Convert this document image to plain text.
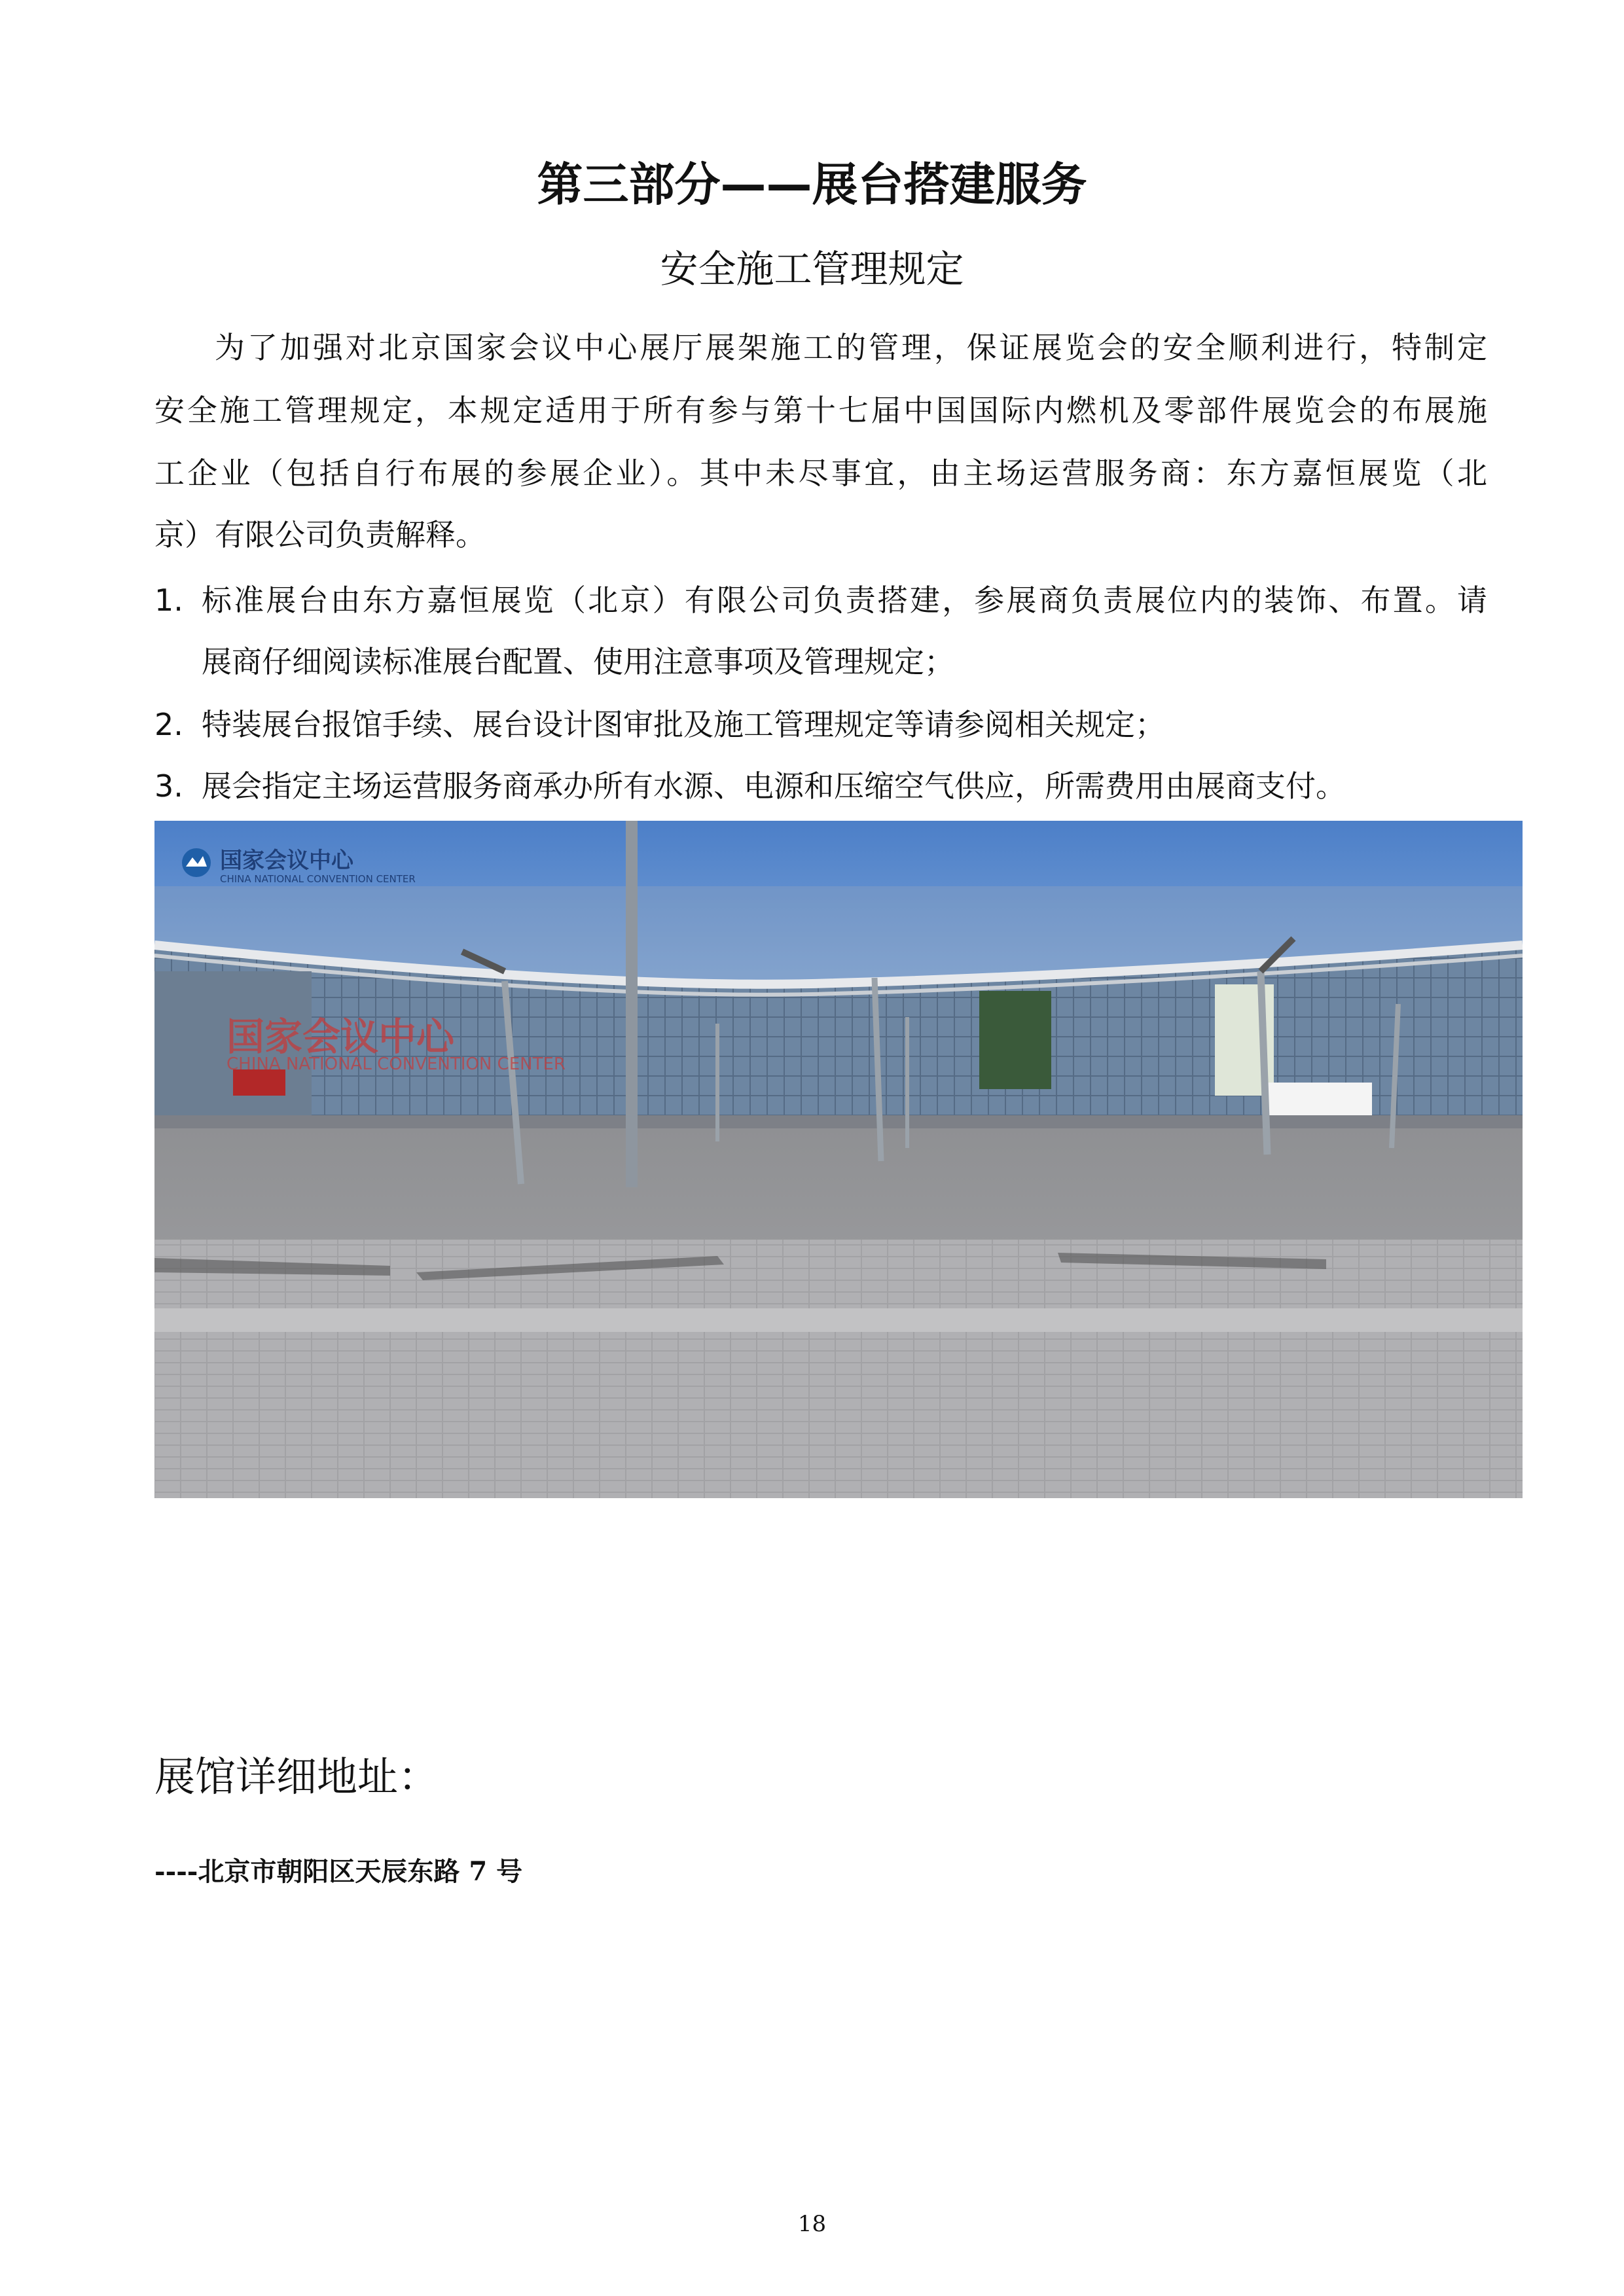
第三部分——展台搭建服务
安全施工管理规定
为了加强对北京国家会议中心展厅展架施工的管理，保证展览会的安全顺利进行，特制定
安全施工管理规定，本规定适用于所有参与第十七届中国国际内燃机及零部件展览会的布展施
工企业（包括自行布展的参展企业）。其中未尽事宜，由主场运营服务商：东方嘉恒展览（北
京）有限公司负责解释。
1. 标准展台由东方嘉恒展览（北京）有限公司负责搭建，参展商负责展位内的装饰、布置。请
展商仔细阅读标准展台配置、使用注意事项及管理规定；
2. 特装展台报馆手续、展台设计图审批及施工管理规定等请参阅相关规定；
3. 展会指定主场运营服务商承办所有水源、电源和压缩空气供应，所需费用由展商支付。
国家会议中心
CHINA NATIONAL CONVENTION CENTER
国家会议中心
CHINA NATIONAL CONVENTION CENTER
展馆详细地址：
----北京市朝阳区天辰东路 7 号
18
